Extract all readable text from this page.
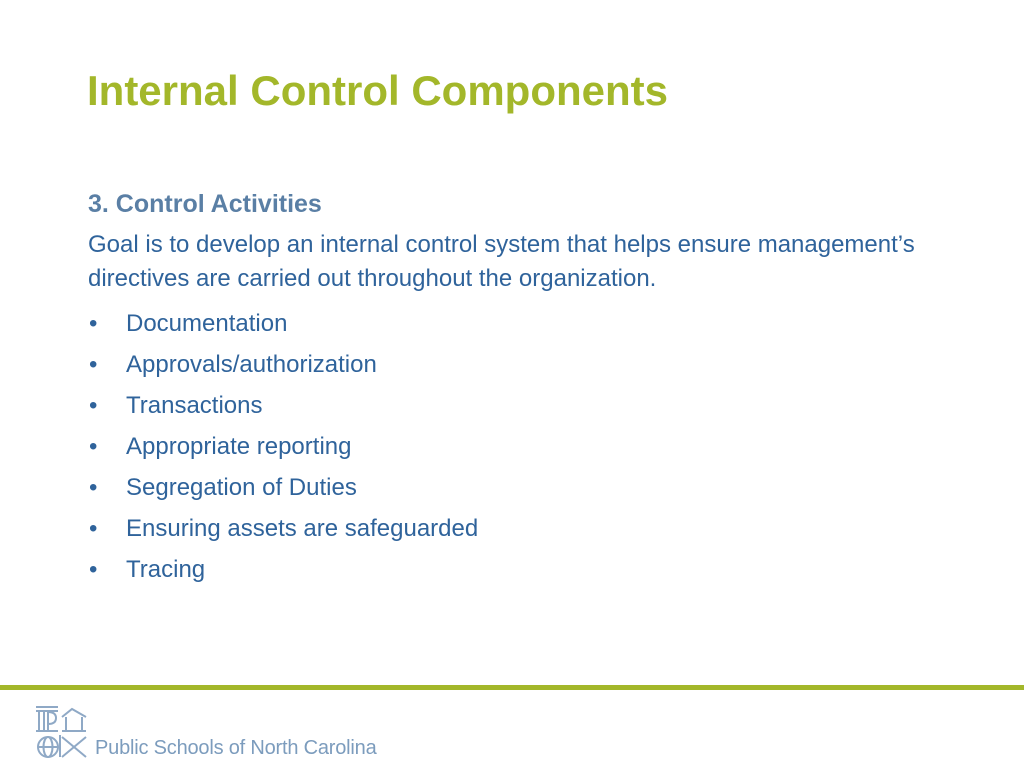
Internal Control Components
3. Control Activities

Goal is to develop an internal control system that helps ensure management’s directives are carried out throughout the organization.

• Documentation
• Approvals/authorization
• Transactions
• Appropriate reporting
• Segregation of Duties
• Ensuring assets are safeguarded
• Tracing
Public Schools of North Carolina
